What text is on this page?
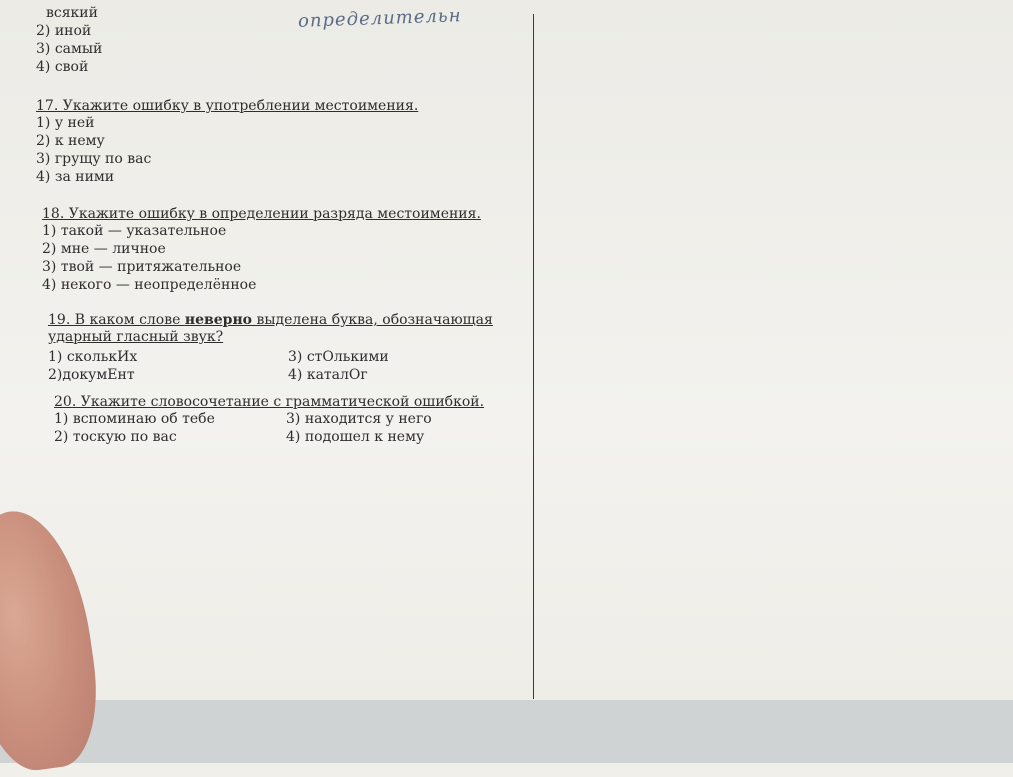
всякий
2) иной
3) самый
4) свой
определительн
17. Укажите ошибку в употреблении местоимения.
1) у ней
2) к нему
3) грущу по вас
4) за ними
18. Укажите ошибку в определении разряда местоимения.
1) такой — указательное
2) мне — личное
3) твой — притяжательное
4) некого — неопределённое
19. В каком слове неверно выделена буква, обозначающая ударный гласный звук?
1) сколькИх	3) стОлькими
2)докумЕнт	4) каталОг
20. Укажите словосочетание с грамматической ошибкой.
1) вспоминаю об тебе	3) находится у него
2) тоскую по вас	4) подошел к нему
